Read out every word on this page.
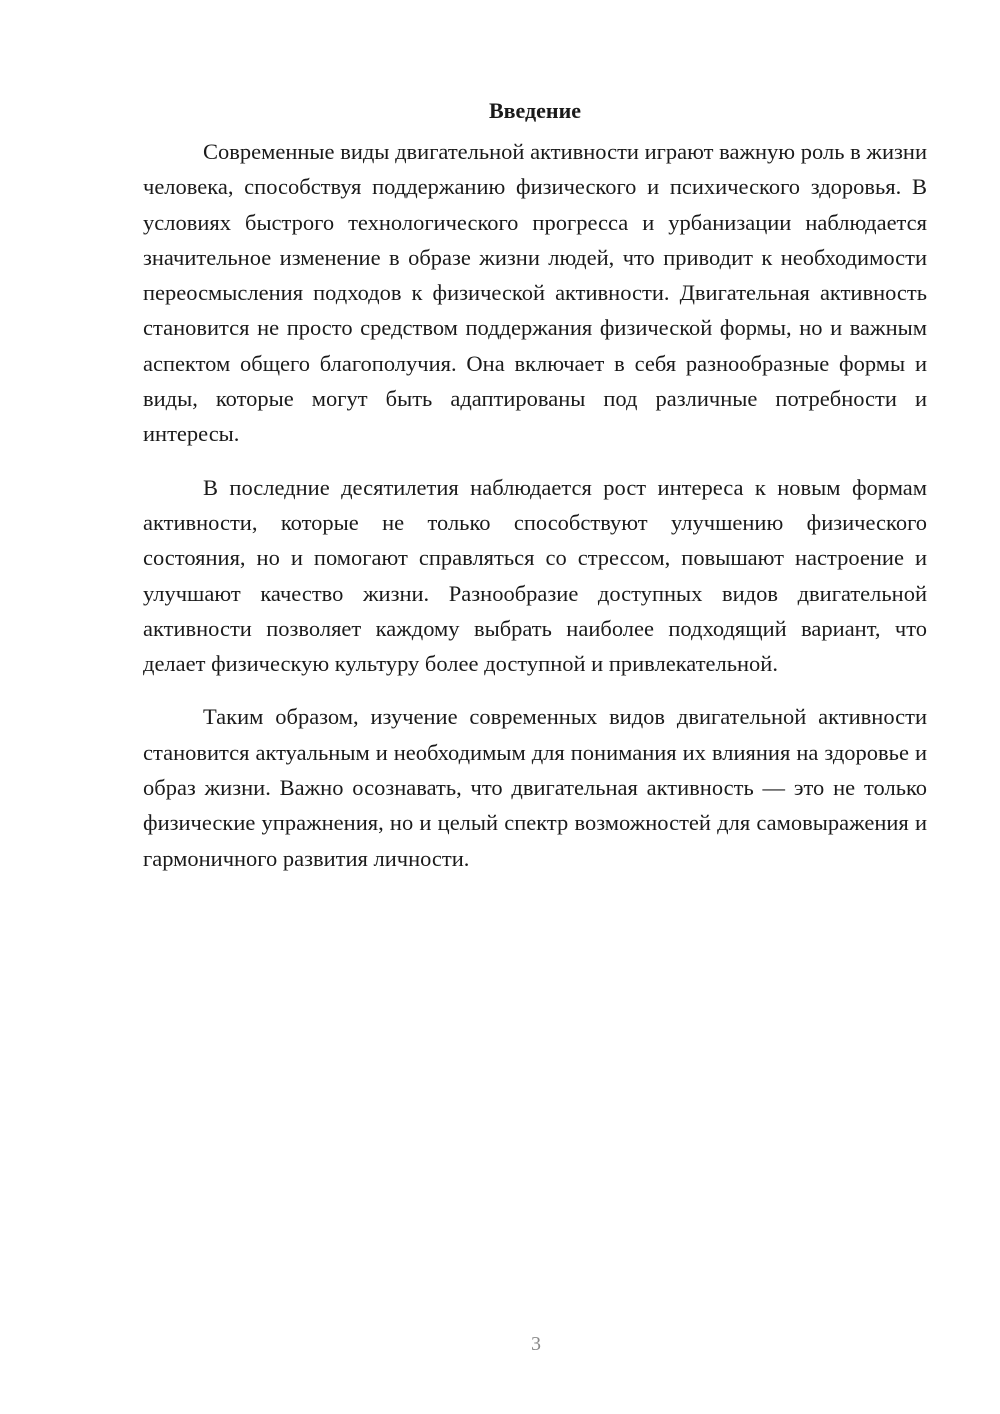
Введение

Современные виды двигательной активности играют важную роль в жизни человека, способствуя поддержанию физического и психического здоровья. В условиях быстрого технологического прогресса и урбанизации наблюдается значительное изменение в образе жизни людей, что приводит к необходимости переосмысления подходов к физической активности. Двигательная активность становится не просто средством поддержания физической формы, но и важным аспектом общего благополучия. Она включает в себя разнообразные формы и виды, которые могут быть адаптированы под различные потребности и интересы.

В последние десятилетия наблюдается рост интереса к новым формам активности, которые не только способствуют улучшению физического состояния, но и помогают справляться со стрессом, повышают настроение и улучшают качество жизни. Разнообразие доступных видов двигательной активности позволяет каждому выбрать наиболее подходящий вариант, что делает физическую культуру более доступной и привлекательной.

Таким образом, изучение современных видов двигательной активности становится актуальным и необходимым для понимания их влияния на здоровье и образ жизни. Важно осознавать, что двигательная активность — это не только физические упражнения, но и целый спектр возможностей для самовыражения и гармоничного развития личности.

3
